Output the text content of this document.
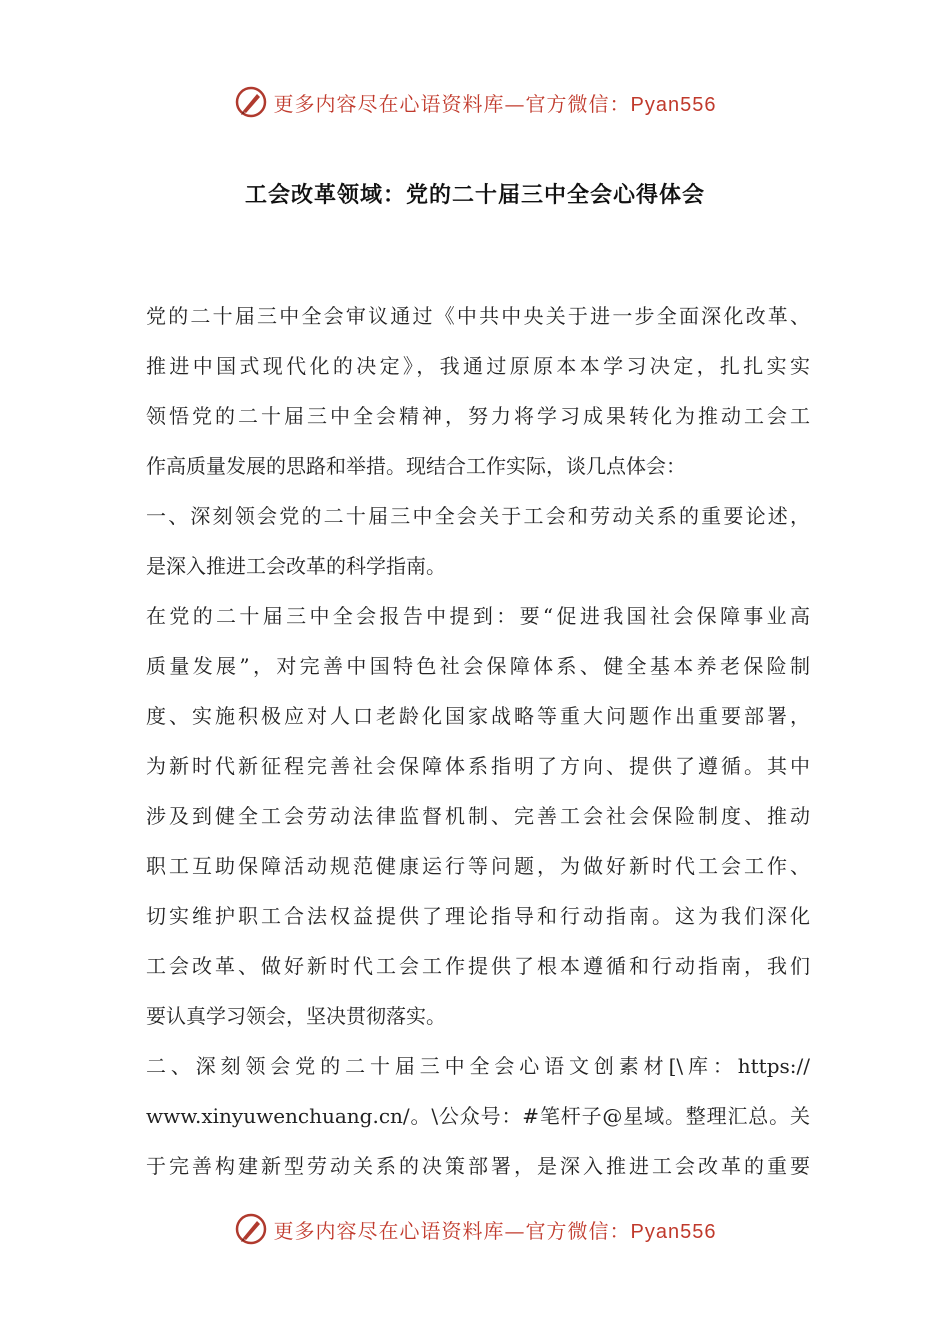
更多内容尽在心语资料库—官方微信：Pyan556
工会改革领域：党的二十届三中全会心得体会
党的二十届三中全会审议通过《中共中央关于进一步全面深化改革、
推进中国式现代化的决定》，我通过原原本本学习决定，扎扎实实
领悟党的二十届三中全会精神，努力将学习成果转化为推动工会工
作高质量发展的思路和举措。现结合工作实际，谈几点体会：
一、深刻领会党的二十届三中全会关于工会和劳动关系的重要论述，
是深入推进工会改革的科学指南。
在党的二十届三中全会报告中提到：要“促进我国社会保障事业高
质量发展”，对完善中国特色社会保障体系、健全基本养老保险制
度、实施积极应对人口老龄化国家战略等重大问题作出重要部署，
为新时代新征程完善社会保障体系指明了方向、提供了遵循。其中
涉及到健全工会劳动法律监督机制、完善工会社会保险制度、推动
职工互助保障活动规范健康运行等问题，为做好新时代工会工作、
切实维护职工合法权益提供了理论指导和行动指南。这为我们深化
工会改革、做好新时代工会工作提供了根本遵循和行动指南，我们
要认真学习领会，坚决贯彻落实。
二、深刻领会党的二十届三中全会心语文创素材[\库：https://
www.xinyuwenchuang.cn/。\公众号：#笔杆子@星域。整理汇总。关
于完善构建新型劳动关系的决策部署，是深入推进工会改革的重要
更多内容尽在心语资料库—官方微信：Pyan556
